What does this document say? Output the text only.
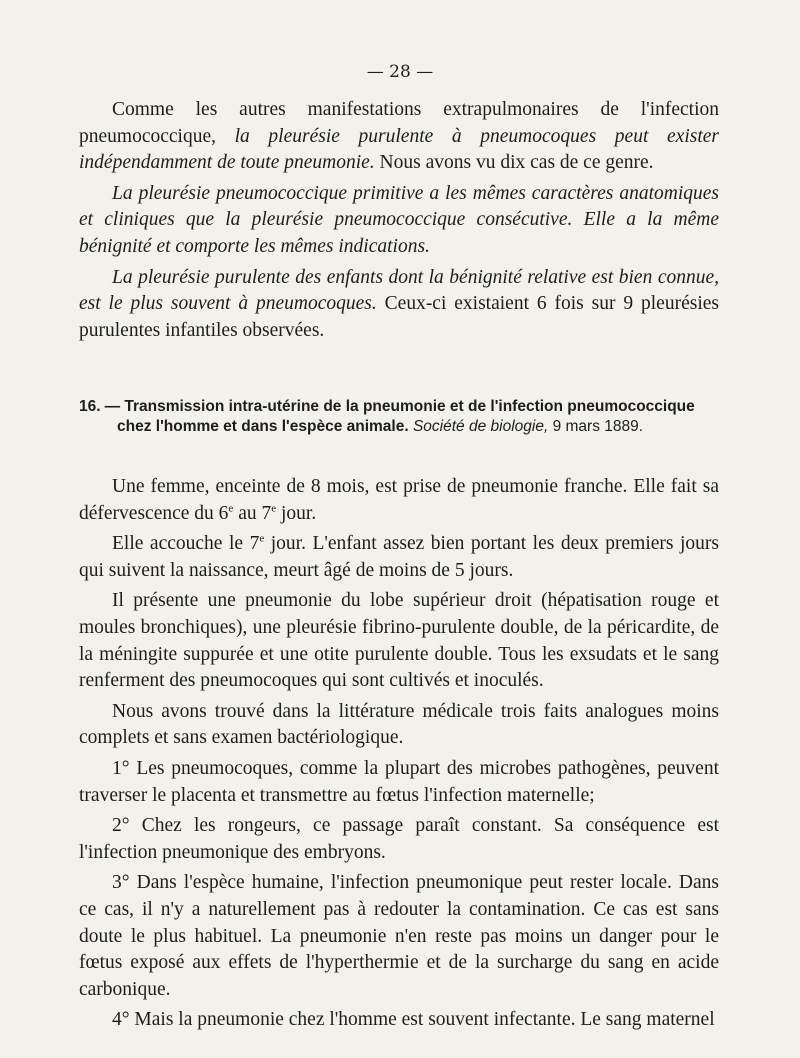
— 28 —

Comme les autres manifestations extrapulmonaires de l'infection pneumococcique, la pleurésie purulente à pneumocoques peut exister indépendamment de toute pneumonie. Nous avons vu dix cas de ce genre.

La pleurésie pneumococcique primitive a les mêmes caractères anatomiques et cliniques que la pleurésie pneumococcique consécutive. Elle a la même bénignité et comporte les mêmes indications.

La pleurésie purulente des enfants dont la bénignité relative est bien connue, est le plus souvent à pneumocoques. Ceux-ci existaient 6 fois sur 9 pleurésies purulentes infantiles observées.

16. — Transmission intra-utérine de la pneumonie et de l'infection pneumococcique
chez l'homme et dans l'espèce animale. Société de biologie, 9 mars 1889.

Une femme, enceinte de 8 mois, est prise de pneumonie franche. Elle fait sa défervescence du 6e au 7e jour.

Elle accouche le 7e jour. L'enfant assez bien portant les deux premiers jours qui suivent la naissance, meurt âgé de moins de 5 jours.

Il présente une pneumonie du lobe supérieur droit (hépatisation rouge et moules bronchiques), une pleurésie fibrino-purulente double, de la péricardite, de la méningite suppurée et une otite purulente double. Tous les exsudats et le sang renferment des pneumocoques qui sont cultivés et inoculés.

Nous avons trouvé dans la littérature médicale trois faits analogues moins complets et sans examen bactériologique.

1° Les pneumocoques, comme la plupart des microbes pathogènes, peuvent traverser le placenta et transmettre au fœtus l'infection maternelle;

2° Chez les rongeurs, ce passage paraît constant. Sa conséquence est l'infection pneumonique des embryons.

3° Dans l'espèce humaine, l'infection pneumonique peut rester locale. Dans ce cas, il n'y a naturellement pas à redouter la contamination. Ce cas est sans doute le plus habituel. La pneumonie n'en reste pas moins un danger pour le fœtus exposé aux effets de l'hyperthermie et de la surcharge du sang en acide carbonique.

4° Mais la pneumonie chez l'homme est souvent infectante. Le sang maternel
